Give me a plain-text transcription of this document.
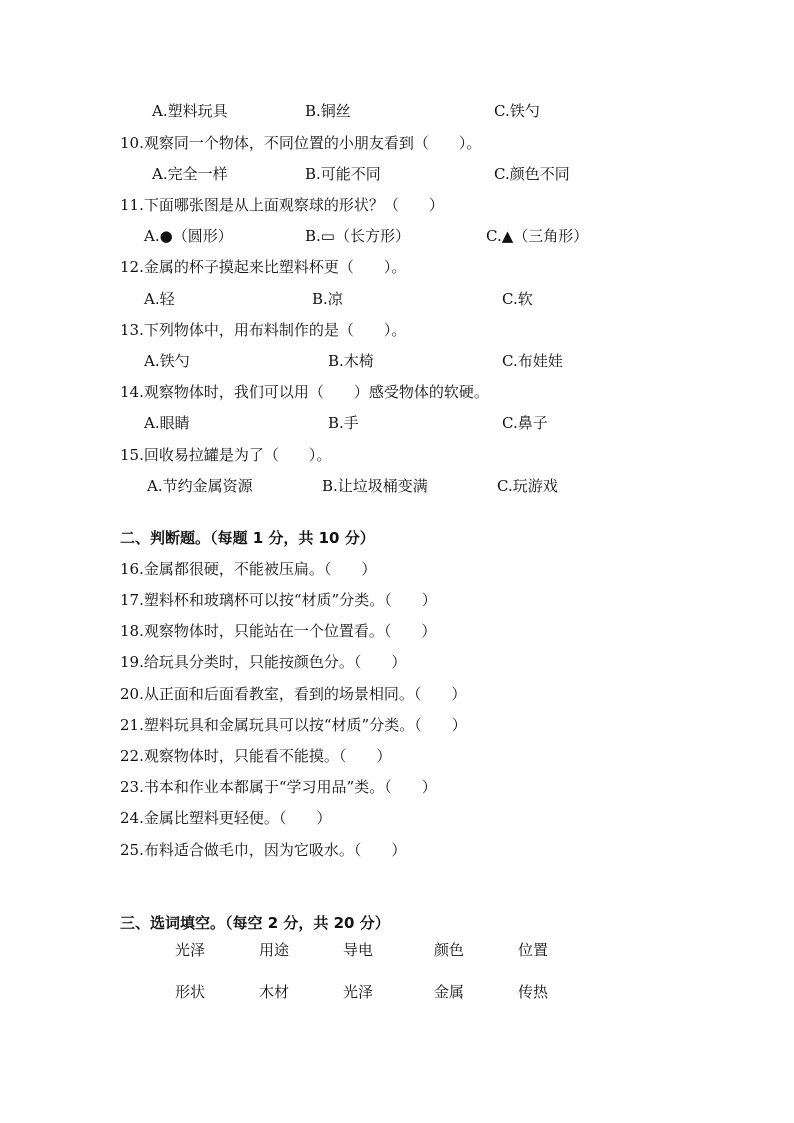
A.塑料玩具	B.铜丝	C.铁勺
10.观察同一个物体，不同位置的小朋友看到（　　）。
A.完全一样	B.可能不同	C.颜色不同
11.下面哪张图是从上面观察球的形状？（　　）
A.●（圆形）	B.▭（长方形）	C.▲（三角形）
12.金属的杯子摸起来比塑料杯更（　　）。
A.轻	B.凉	C.软
13.下列物体中，用布料制作的是（　　）。
A.铁勺	B.木椅	C.布娃娃
14.观察物体时，我们可以用（　　）感受物体的软硬。
A.眼睛	B.手	C.鼻子
15.回收易拉罐是为了（　　）。
A.节约金属资源	B.让垃圾桶变满	C.玩游戏
二、判断题。（每题 1 分，共 10 分）
16.金属都很硬，不能被压扁。（　　）
17.塑料杯和玻璃杯可以按“材质”分类。（　　）
18.观察物体时，只能站在一个位置看。（　　）
19.给玩具分类时，只能按颜色分。（　　）
20.从正面和后面看教室，看到的场景相同。（　　）
21.塑料玩具和金属玩具可以按“材质”分类。（　　）
22.观察物体时，只能看不能摸。（　　）
23.书本和作业本都属于“学习用品”类。（　　）
24.金属比塑料更轻便。（　　）
25.布料适合做毛巾，因为它吸水。（　　）
三、选词填空。（每空 2 分，共 20 分）
光泽	用途	导电	颜色	位置
形状	木材	光泽	金属	传热
